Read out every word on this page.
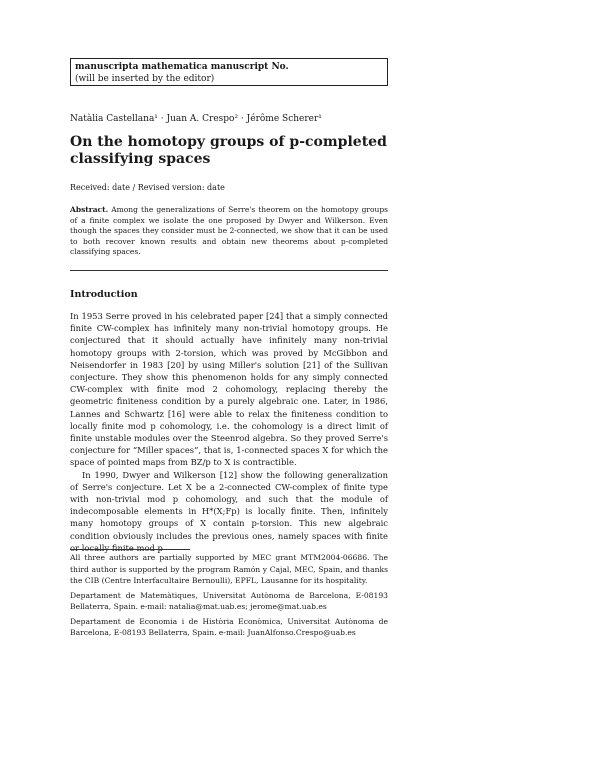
manuscripta mathematica manuscript No.
(will be inserted by the editor)
Natàlia Castellana¹ · Juan A. Crespo² · Jérôme Scherer¹
On the homotopy groups of p-completed classifying spaces
Received: date / Revised version: date
Abstract. Among the generalizations of Serre's theorem on the homotopy groups of a finite complex we isolate the one proposed by Dwyer and Wilkerson. Even though the spaces they consider must be 2-connected, we show that it can be used to both recover known results and obtain new theorems about p-completed classifying spaces.
Introduction

In 1953 Serre proved in his celebrated paper [24] that a simply connected finite CW-complex has infinitely many non-trivial homotopy groups. He conjectured that it should actually have infinitely many non-trivial homotopy groups with 2-torsion, which was proved by McGibbon and Neisendorfer in 1983 [20] by using Miller's solution [21] of the Sullivan conjecture. They show this phenomenon holds for any simply connected CW-complex with finite mod 2 cohomology, replacing thereby the geometric finiteness condition by a purely algebraic one. Later, in 1986, Lannes and Schwartz [16] were able to relax the finiteness condition to locally finite mod p cohomology, i.e. the cohomology is a direct limit of finite unstable modules over the Steenrod algebra. So they proved Serre's conjecture for “Miller spaces”, that is, 1-connected spaces X for which the space of pointed maps from BZ/p to X is contractible.

In 1990, Dwyer and Wilkerson [12] show the following generalization of Serre's conjecture. Let X be a 2-connected CW-complex of finite type with non-trivial mod p cohomology, and such that the module of indecomposable elements in H*(X;Fp) is locally finite. Then, infinitely many homotopy groups of X contain p-torsion. This new algebraic condition obviously includes the previous ones, namely spaces with finite or locally finite mod p

All three authors are partially supported by MEC grant MTM2004-06686. The third author is supported by the program Ramón y Cajal, MEC, Spain, and thanks the CIB (Centre Interfacultaire Bernoulli), EPFL, Lausanne for its hospitality.

Departament de Matemàtiques, Universitat Autònoma de Barcelona, E-08193 Bellaterra, Spain. e-mail: natalia@mat.uab.es; jerome@mat.uab.es

Departament de Economia i de Història Econòmica, Universitat Autònoma de Barcelona, E-08193 Bellaterra, Spain. e-mail: JuanAlfonso.Crespo@uab.es
